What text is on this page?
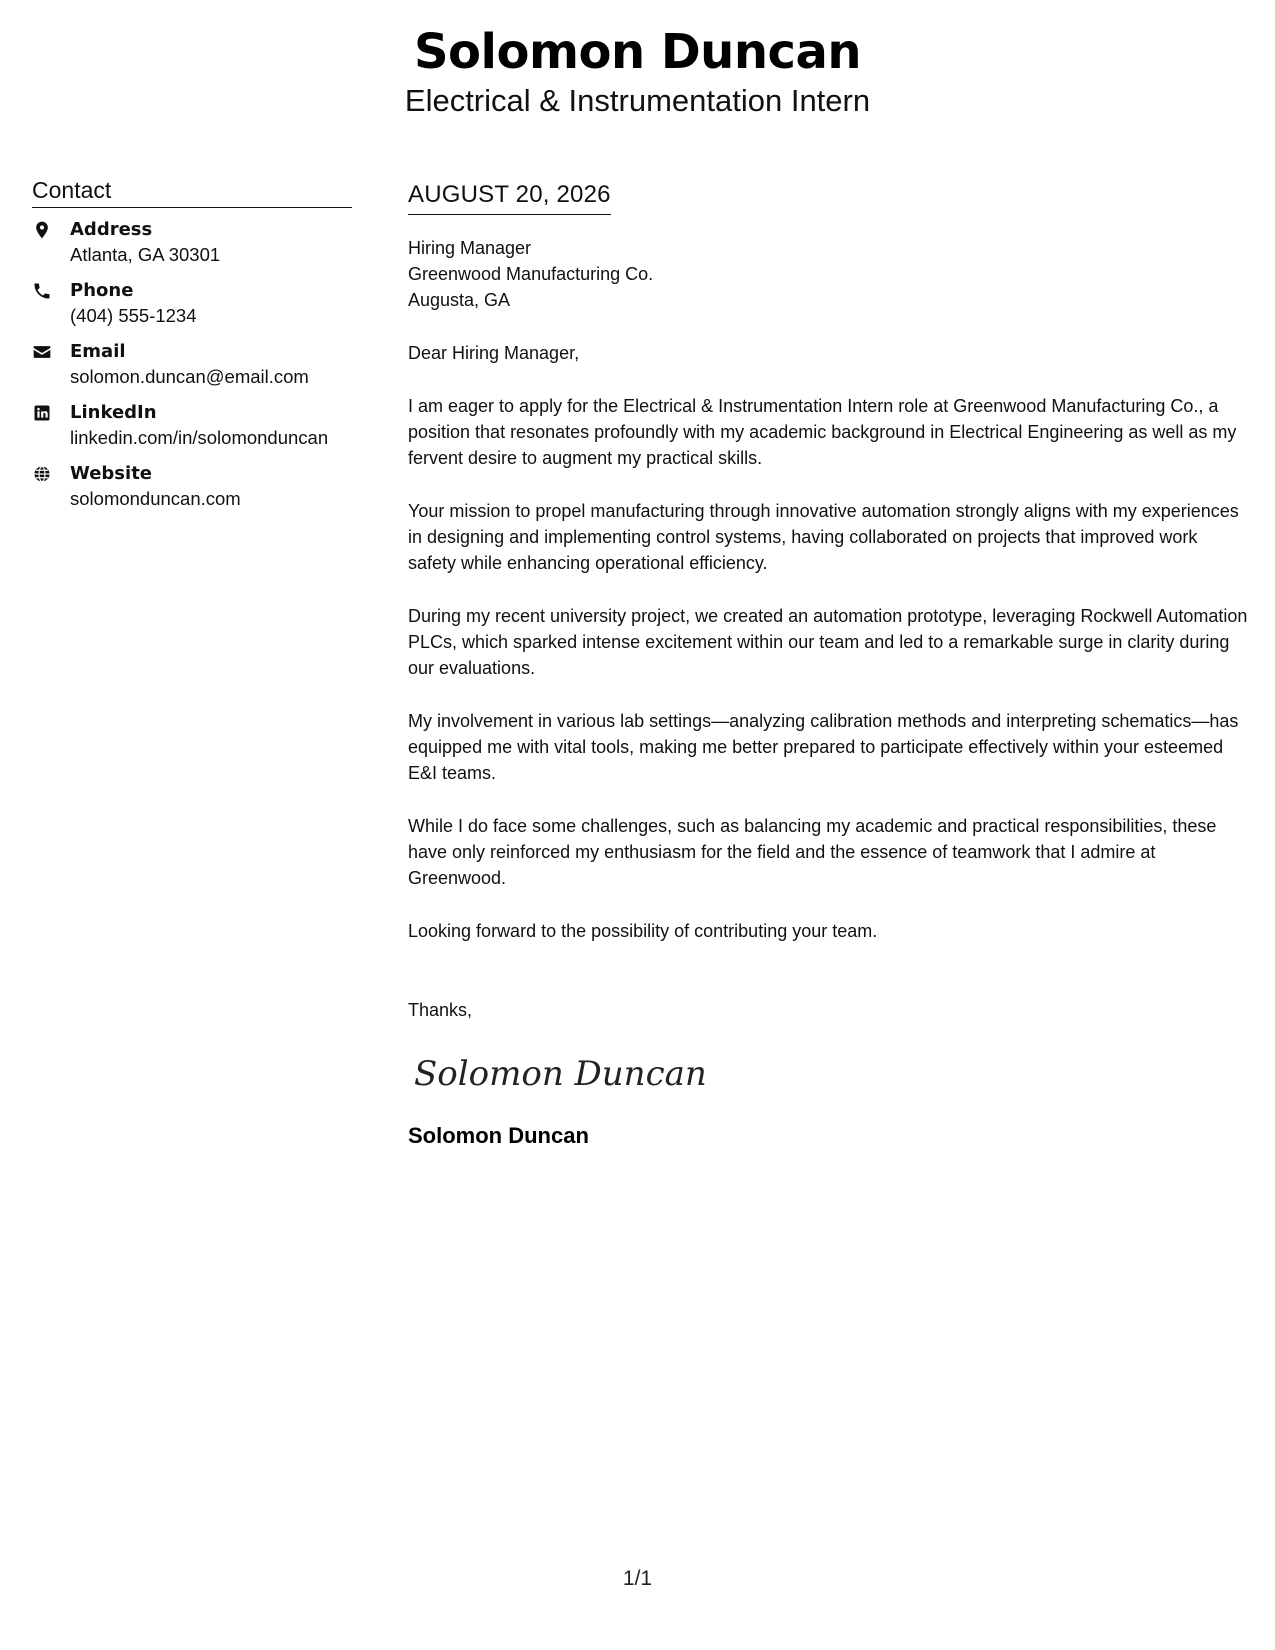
Solomon Duncan
Electrical & Instrumentation Intern
Contact
Address
Atlanta, GA 30301
Phone
(404) 555-1234
Email
solomon.duncan@email.com
LinkedIn
linkedin.com/in/solomonduncan
Website
solomonduncan.com
AUGUST 20, 2026
Hiring Manager
Greenwood Manufacturing Co.
Augusta, GA
Dear Hiring Manager,

I am eager to apply for the Electrical & Instrumentation Intern role at Greenwood Manufacturing Co., a position that resonates profoundly with my academic background in Electrical Engineering as well as my fervent desire to augment my practical skills.

Your mission to propel manufacturing through innovative automation strongly aligns with my experiences in designing and implementing control systems, having collaborated on projects that improved work safety while enhancing operational efficiency.

During my recent university project, we created an automation prototype, leveraging Rockwell Automation PLCs, which sparked intense excitement within our team and led to a remarkable surge in clarity during our evaluations.

My involvement in various lab settings—analyzing calibration methods and interpreting schematics—has equipped me with vital tools, making me better prepared to participate effectively within your esteemed E&I teams.

While I do face some challenges, such as balancing my academic and practical responsibilities, these have only reinforced my enthusiasm for the field and the essence of teamwork that I admire at Greenwood.

Looking forward to the possibility of contributing your team.

Thanks,
Solomon Duncan
Solomon Duncan
1/1
